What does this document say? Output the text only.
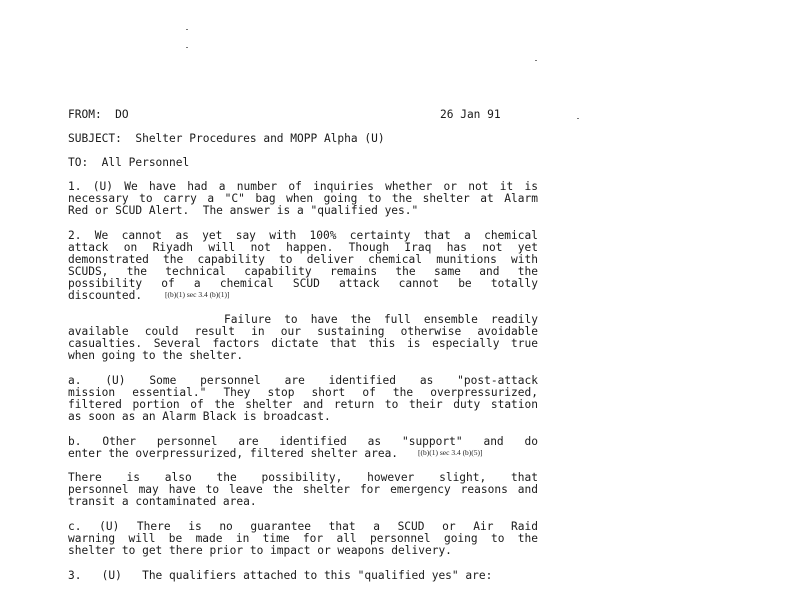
FROM:  DO	26 Jan 91
SUBJECT:  Shelter Procedures and MOPP Alpha (U)
TO:  All Personnel
1. (U) We have had a number of inquiries whether or not it is
necessary to carry a "C" bag when going to the shelter at Alarm
Red or SCUD Alert.  The answer is a "qualified yes."
2. We cannot as yet say with 100% certainty that a chemical
attack on Riyadh will not happen. Though Iraq has not yet
demonstrated the capability to deliver chemical munitions with
SCUDS, the technical capability remains the same and the
possibility of a chemical SCUD attack cannot be totally
discounted.	[(b)(1) sec 3.4 (b)(1)]
Failure to have the full ensemble readily
available could result in our sustaining otherwise avoidable
casualties. Several factors dictate that this is especially true
when going to the shelter.
a. (U) Some personnel are identified as "post-attack
mission essential." They stop short of the overpressurized,
filtered portion of the shelter and return to their duty station
as soon as an Alarm Black is broadcast.
b. Other personnel are identified as "support" and do
enter the overpressurized, filtered shelter area.	[(b)(1) sec 3.4 (b)(5)]
There is also the possibility, however slight, that
personnel may have to leave the shelter for emergency reasons and
transit a contaminated area.
c. (U) There is no guarantee that a SCUD or Air Raid
warning will be made in time for all personnel going to the
shelter to get there prior to impact or weapons delivery.
3.   (U)   The qualifiers attached to this "qualified yes" are:
